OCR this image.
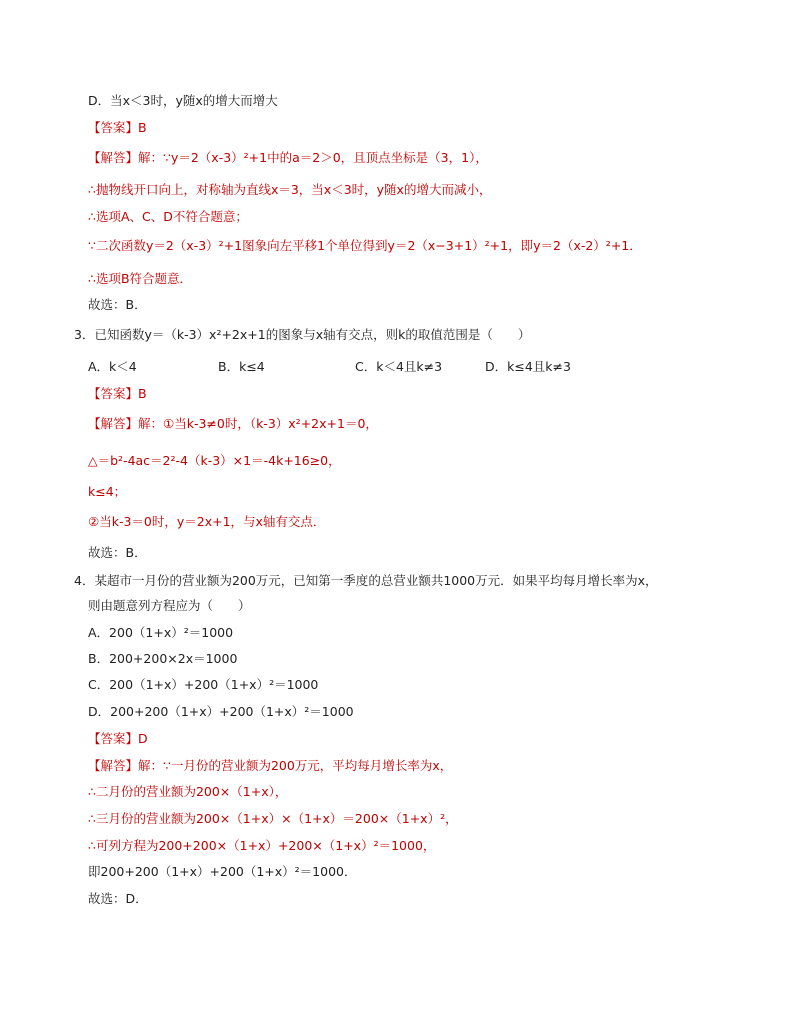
D．当x＜3时，y随x的增大而增大
【答案】B
【解答】解：∵y＝2（x-3）²+1中的a＝2＞0，且顶点坐标是（3，1），
∴抛物线开口向上，对称轴为直线x＝3，当x＜3时，y随x的增大而减小，
∴选项A、C、D不符合题意；
∵二次函数y＝2（x-3）²+1图象向左平移1个单位得到y＝2（x−3+1）²+1，即y＝2（x-2）²+1．
∴选项B符合题意．
故选：B．
3．已知函数y＝（k-3）x²+2x+1的图象与x轴有交点，则k的取值范围是（　　）
A．k＜4	B．k≤4	C．k＜4且k≠3	D．k≤4且k≠3
【答案】B
【解答】解：①当k-3≠0时，（k-3）x²+2x+1＝0，
△＝b²-4ac＝2²-4（k-3）×1＝-4k+16≥0，
k≤4；
②当k-3＝0时，y＝2x+1，与x轴有交点．
故选：B．
4．某超市一月份的营业额为200万元，已知第一季度的总营业额共1000万元．如果平均每月增长率为x，
则由题意列方程应为（　　）
A．200（1+x）²＝1000
B．200+200×2x＝1000
C．200（1+x）+200（1+x）²＝1000
D．200+200（1+x）+200（1+x）²＝1000
【答案】D
【解答】解：∵一月份的营业额为200万元，平均每月增长率为x，
∴二月份的营业额为200×（1+x），
∴三月份的营业额为200×（1+x）×（1+x）＝200×（1+x）²，
∴可列方程为200+200×（1+x）+200×（1+x）²＝1000，
即200+200（1+x）+200（1+x）²＝1000．
故选：D．
